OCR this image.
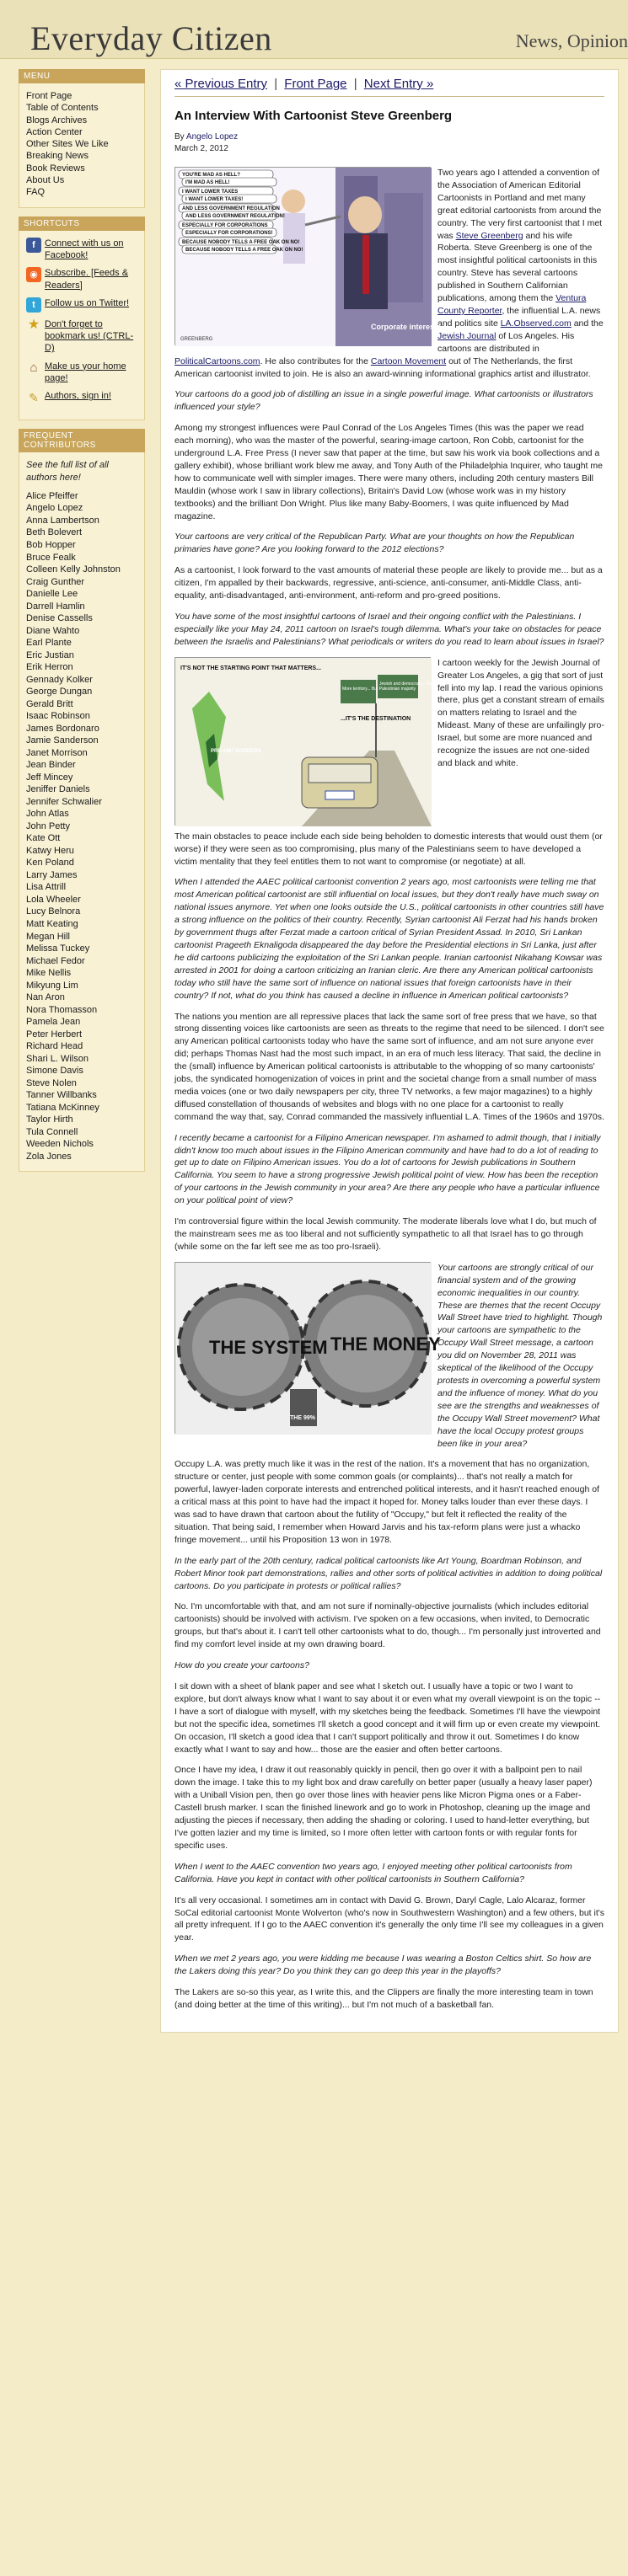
Everyday Citizen	News, Opinion
MENU
Front Page
Table of Contents
Blogs Archives
Action Center
Other Sites We Like
Breaking News
Book Reviews
About Us
FAQ
SHORTCUTS
f	Connect with us on Facebook!
◉ Subscribe. [Feeds & Readers]
t	Follow us on Twitter!
★ Don't forget to bookmark us! (CTRL-D)
⌂ Make us your home page!
✎ Authors, sign in!
FREQUENT CONTRIBUTORS
See the full list of all authors here!
Alice Pfeiffer
Angelo Lopez
Anna Lambertson
Beth Bolevert
Bob Hopper
Bruce Fealk
Colleen Kelly Johnston
Craig Gunther
Danielle Lee
Darrell Hamlin
Denise Cassells
Diane Wahto
Earl Plante
Eric Justian
Erik Herron
Gennady Kolker
George Dungan
Gerald Britt
Isaac Robinson
James Bordonaro
Jamie Sanderson
Janet Morrison
Jean Binder
Jeff Mincey
Jeniffer Daniels
Jennifer Schwalier
John Atlas
John Petty
Kate Ott
Katwy Heru
Ken Poland
Larry James
Lisa Attrill
Lola Wheeler
Lucy Belnora
Matt Keating
Megan Hill
Melissa Tuckey
Michael Fedor
Mike Nellis
Mikyung Lim
Nan Aron
Nora Thomasson
Pamela Jean
Peter Herbert
Richard Head
Shari L. Wilson
Simone Davis
Steve Nolen
Tanner Willbanks
Tatiana McKinney
Taylor Hirth
Tula Connell
Weeden Nichols
Zola Jones
« Previous Entry | Front Page | Next Entry »
An Interview With Cartoonist Steve Greenberg
By Angelo Lopez
March 2, 2012
YOU'RE MAD AS HELL?
I'M MAD AS HELL!
I WANT LOWER TAXES
I WANT LOWER TAXES!
AND LESS GOVERNMENT REGULATION
AND LESS GOVERNMENT REGULATION!
ESPECIALLY FOR CORPORATIONS
ESPECIALLY FOR CORPORATIONS!
BECAUSE NOBODY TELLS A FREE OAK ON NO!
BECAUSE NOBODY TELLS A FREE OAK ON NO!
Corporate interests
GREENBERG

Two years ago I attended a convention of the Association of American Editorial Cartoonists in Portland and met many great editorial cartoonists from around the country. The very first cartoonist that I met was Steve Greenberg and his wife Roberta. Steve Greenberg is one of the most insightful political cartoonists in this country. Steve has several cartoons published in Southern Californian publications, among them the Ventura County Reporter, the influential L.A. news and politics site LA.Observed.com and the Jewish Journal of Los Angeles. His cartoons are distributed in PoliticalCartoons.com. He also contributes for the Cartoon Movement out of The Netherlands, the first American cartoonist invited to join. He is also an award-winning informational graphics artist and illustrator.

Your cartoons do a good job of distilling an issue in a single powerful image. What cartoonists or illustrators influenced your style?

Among my strongest influences were Paul Conrad of the Los Angeles Times (this was the paper we read each morning), who was the master of the powerful, searing-image cartoon, Ron Cobb, cartoonist for the underground L.A. Free Press (I never saw that paper at the time, but saw his work via book collections and a gallery exhibit), whose brilliant work blew me away, and Tony Auth of the Philadelphia Inquirer, who taught me how to communicate well with simpler images. There were many others, including 20th century masters Bill Mauldin (whose work I saw in library collections), Britain's David Low (whose work was in my history textbooks) and the brilliant Don Wright. Plus like many Baby-Boomers, I was quite influenced by Mad magazine.

Your cartoons are very critical of the Republican Party. What are your thoughts on how the Republican primaries have gone? Are you looking forward to the 2012 elections?

As a cartoonist, I look forward to the vast amounts of material these people are likely to provide me... but as a citizen, I'm appalled by their backwards, regressive, anti-science, anti-consumer, anti-Middle Class, anti-equality, anti-disadvantaged, anti-environment, anti-reform and pro-greed positions.

You have some of the most insightful cartoons of Israel and their ongoing conflict with the Palestinians. I especially like your May 24, 2011 cartoon on Israel's tough dilemma. What's your take on obstacles for peace between the Israelis and Palestinians? What periodicals or writers do you read to learn about issues in Israel?

IT'S NOT THE STARTING POINT THAT MATTERS...
More territory... But Palestinian majority
Jewish and democratic... But smaller
...IT'S THE DESTINATION
PRE-1967 BORDERS

I cartoon weekly for the Jewish Journal of Greater Los Angeles, a gig that sort of just fell into my lap. I read the various opinions there, plus get a constant stream of emails on matters relating to Israel and the Mideast. Many of these are unfailingly pro-Israel, but some are more nuanced and recognize the issues are not one-sided and black and white.

The main obstacles to peace include each side being beholden to domestic interests that would oust them (or worse) if they were seen as too compromising, plus many of the Palestinians seem to have developed a victim mentality that they feel entitles them to not want to compromise (or negotiate) at all.

When I attended the AAEC political cartoonist convention 2 years ago, most cartoonists were telling me that most American political cartoonist are still influential on local issues, but they don't really have much sway on national issues anymore. Yet when one looks outside the U.S., political cartoonists in other countries still have a strong influence on the politics of their country. Recently, Syrian cartoonist Ali Ferzat had his hands broken by government thugs after Ferzat made a cartoon critical of Syrian President Assad. In 2010, Sri Lankan cartoonist Prageeth Eknaligoda disappeared the day before the Presidential elections in Sri Lanka, just after he did cartoons publicizing the exploitation of the Sri Lankan people. Iranian cartoonist Nikahang Kowsar was arrested in 2001 for doing a cartoon criticizing an Iranian cleric. Are there any American political cartoonists today who still have the same sort of influence on national issues that foreign cartoonists have in their country? If not, what do you think has caused a decline in influence in American political cartoonists?

The nations you mention are all repressive places that lack the same sort of free press that we have, so that strong dissenting voices like cartoonists are seen as threats to the regime that need to be silenced. I don't see any American political cartoonists today who have the same sort of influence, and am not sure anyone ever did; perhaps Thomas Nast had the most such impact, in an era of much less literacy. That said, the decline in the (small) influence by American political cartoonists is attributable to the whopping of so many cartoonists' jobs, the syndicated homogenization of voices in print and the societal change from a small number of mass media voices (one or two daily newspapers per city, three TV networks, a few major magazines) to a highly diffused constellation of thousands of websites and blogs with no one place for a cartoonist to really command the way that, say, Conrad commanded the massively influential L.A. Times of the 1960s and 1970s.

I recently became a cartoonist for a Filipino American newspaper. I'm ashamed to admit though, that I initially didn't know too much about issues in the Filipino American community and have had to do a lot of reading to get up to date on Filipino American issues. You do a lot of cartoons for Jewish publications in Southern California. You seem to have a strong progressive Jewish political point of view. How has been the reception of your cartoons in the Jewish community in your area? Are there any people who have a particular influence on your political point of view?

I'm controversial figure within the local Jewish community. The moderate liberals love what I do, but much of the mainstream sees me as too liberal and not sufficiently sympathetic to all that Israel has to go through (while some on the far left see me as too pro-Israeli).

THE SYSTEM THE MONEY
THE 99%

Your cartoons are strongly critical of our financial system and of the growing economic inequalities in our country. These are themes that the recent Occupy Wall Street have tried to highlight. Though your cartoons are sympathetic to the Occupy Wall Street message, a cartoon you did on November 28, 2011 was skeptical of the likelihood of the Occupy protests in overcoming a powerful system and the influence of money. What do you see are the strengths and weaknesses of the Occupy Wall Street movement? What have the local Occupy protest groups been like in your area?

Occupy L.A. was pretty much like it was in the rest of the nation. It's a movement that has no organization, structure or center, just people with some common goals (or complaints)... that's not really a match for powerful, lawyer-laden corporate interests and entrenched political interests, and it hasn't reached enough of a critical mass at this point to have had the impact it hoped for. Money talks louder than ever these days. I was sad to have drawn that cartoon about the futility of "Occupy," but felt it reflected the reality of the situation. That being said, I remember when Howard Jarvis and his tax-reform plans were just a whacko fringe movement... until his Proposition 13 won in 1978.

In the early part of the 20th century, radical political cartoonists like Art Young, Boardman Robinson, and Robert Minor took part demonstrations, rallies and other sorts of political activities in addition to doing political cartoons. Do you participate in protests or political rallies?

No. I'm uncomfortable with that, and am not sure if nominally-objective journalists (which includes editorial cartoonists) should be involved with activism. I've spoken on a few occasions, when invited, to Democratic groups, but that's about it. I can't tell other cartoonists what to do, though... I'm personally just introverted and find my comfort level inside at my own drawing board.

How do you create your cartoons?

I sit down with a sheet of blank paper and see what I sketch out. I usually have a topic or two I want to explore, but don't always know what I want to say about it or even what my overall viewpoint is on the topic -- I have a sort of dialogue with myself, with my sketches being the feedback. Sometimes I'll have the viewpoint but not the specific idea, sometimes I'll sketch a good concept and it will firm up or even create my viewpoint. On occasion, I'll sketch a good idea that I can't support politically and throw it out. Sometimes I do know exactly what I want to say and how... those are the easier and often better cartoons.

Once I have my idea, I draw it out reasonably quickly in pencil, then go over it with a ballpoint pen to nail down the image. I take this to my light box and draw carefully on better paper (usually a heavy laser paper) with a Uniball Vision pen, then go over those lines with heavier pens like Micron Pigma ones or a Faber-Castell brush marker. I scan the finished linework and go to work in Photoshop, cleaning up the image and adjusting the pieces if necessary, then adding the shading or coloring. I used to hand-letter everything, but I've gotten lazier and my time is limited, so I more often letter with cartoon fonts or with regular fonts for specific uses.

When I went to the AAEC convention two years ago, I enjoyed meeting other political cartoonists from California. Have you kept in contact with other political cartoonists in Southern California?

It's all very occasional. I sometimes am in contact with David G. Brown, Daryl Cagle, Lalo Alcaraz, former SoCal editorial cartoonist Monte Wolverton (who's now in Southwestern Washington) and a few others, but it's all pretty infrequent. If I go to the AAEC convention it's generally the only time I'll see my colleagues in a given year.

When we met 2 years ago, you were kidding me because I was wearing a Boston Celtics shirt. So how are the Lakers doing this year? Do you think they can go deep this year in the playoffs?

The Lakers are so-so this year, as I write this, and the Clippers are finally the more interesting team in town (and doing better at the time of this writing)... but I'm not much of a basketball fan.
